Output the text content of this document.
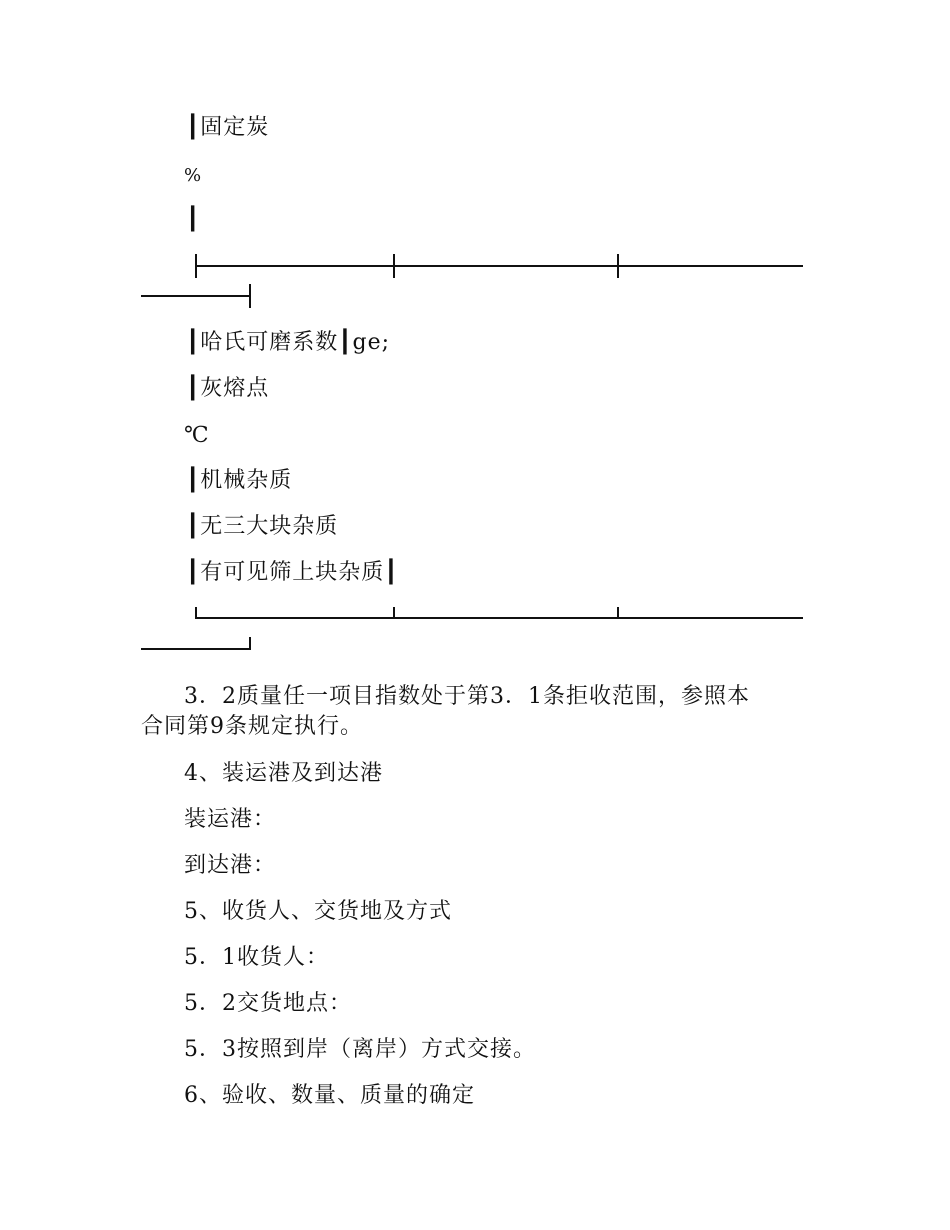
┃固定炭
%
┃
┃哈氏可磨系数┃ge;
┃灰熔点
℃
┃机械杂质
┃无三大块杂质
┃有可见筛上块杂质┃
3．2质量任一项目指数处于第3．1条拒收范围，参照本
合同第9条规定执行。
4、装运港及到达港
装运港：
到达港：
5、收货人、交货地及方式
5．1收货人：
5．2交货地点：
5．3按照到岸（离岸）方式交接。
6、验收、数量、质量的确定
